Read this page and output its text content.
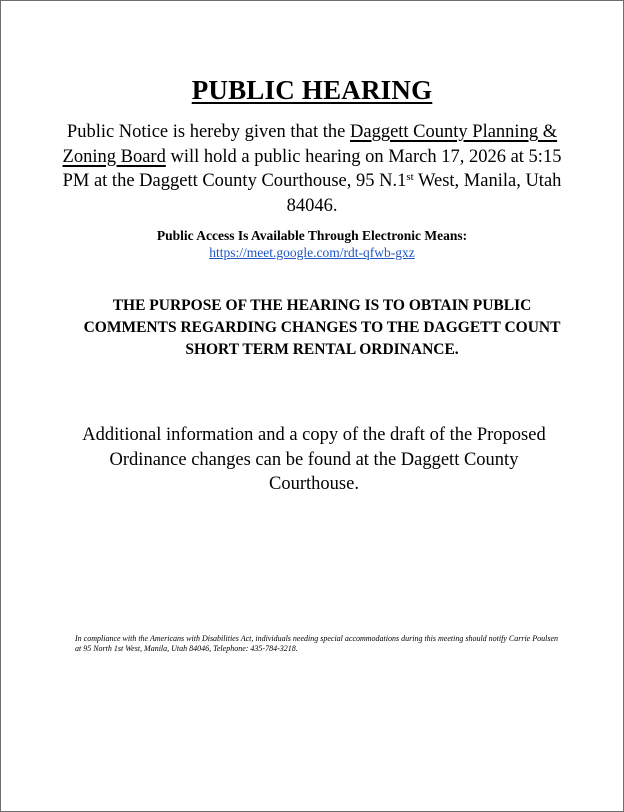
PUBLIC HEARING
Public Notice is hereby given that the Daggett County Planning & Zoning Board will hold a public hearing on March 17, 2026 at 5:15 PM at the Daggett County Courthouse, 95 N.1st West, Manila, Utah 84046.
Public Access Is Available Through Electronic Means:
https://meet.google.com/rdt-qfwb-gxz
THE PURPOSE OF THE HEARING IS TO OBTAIN PUBLIC COMMENTS REGARDING CHANGES TO THE DAGGETT COUNT SHORT TERM RENTAL ORDINANCE.
Additional information and a copy of the draft of the Proposed Ordinance changes can be found at the Daggett County Courthouse.
In compliance with the Americans with Disabilities Act, individuals needing special accommodations during this meeting should notify Carrie Poulsen at 95 North 1st West, Manila, Utah 84046, Telephone: 435-784-3218.
